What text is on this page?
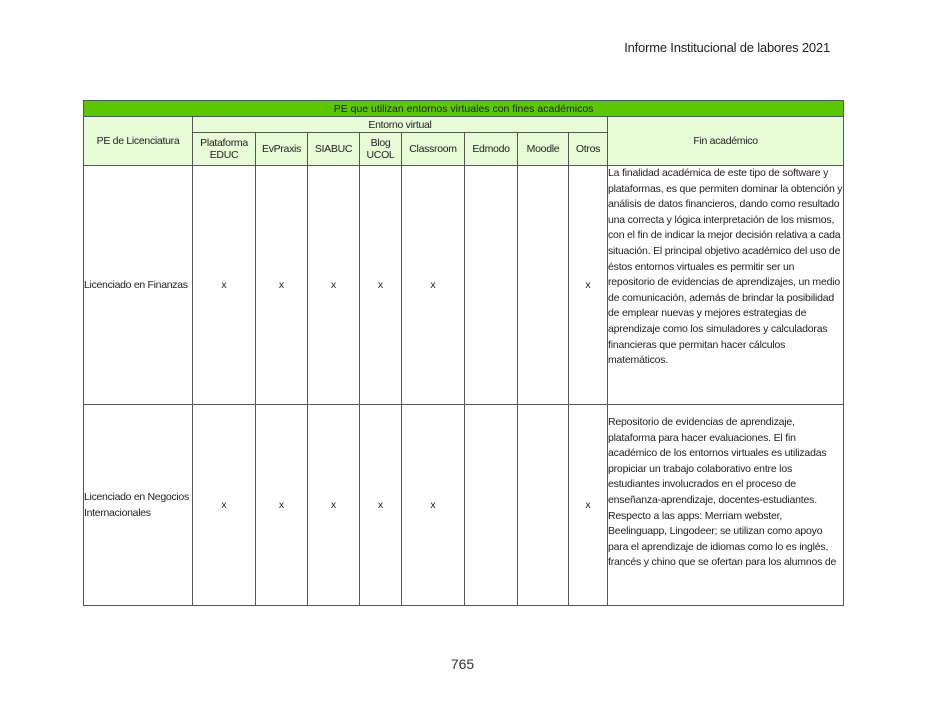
Informe Institucional de labores 2021
PE que utilizan entornos virtuales con fines académicos									
PE de Licenciatura	Entorno virtual								Fin académico
	Plataforma EDUC	EvPraxis	SIABUC	Blog UCOL	Classroom	Edmodo	Moodle	Otros	
Licenciado en Finanzas	x	x	x	x	x			x	La finalidad académica de este tipo de software y plataformas, es que permiten dominar la obtención y análisis de datos financieros, dando como resultado una correcta y lógica interpretación de los mismos, con el fin de indicar la mejor decisión relativa a cada situación. El principal objetivo académico del uso de éstos entornos virtuales es permitir ser un repositorio de evidencias de aprendizajes, un medio de comunicación, además de brindar la posibilidad de emplear nuevas y mejores estrategias de aprendizaje como los simuladores y calculadoras financieras que permitan hacer cálculos matemáticos.
Licenciado en Negocios Internacionales	x	x	x	x	x			x	Repositorio de evidencias de aprendizaje, plataforma para hacer evaluaciones. El fin académico de los entornos virtuales es utilizadas propiciar un trabajo colaborativo entre los estudiantes involucrados en el proceso de enseñanza-aprendizaje, docentes-estudiantes. Respecto a las apps: Merriam webster, Beelinguapp, Lingodeer; se utilizan como apoyo para el aprendizaje de idiomas como lo es inglés, francés y chino que se ofertan para los alumnos de
765
